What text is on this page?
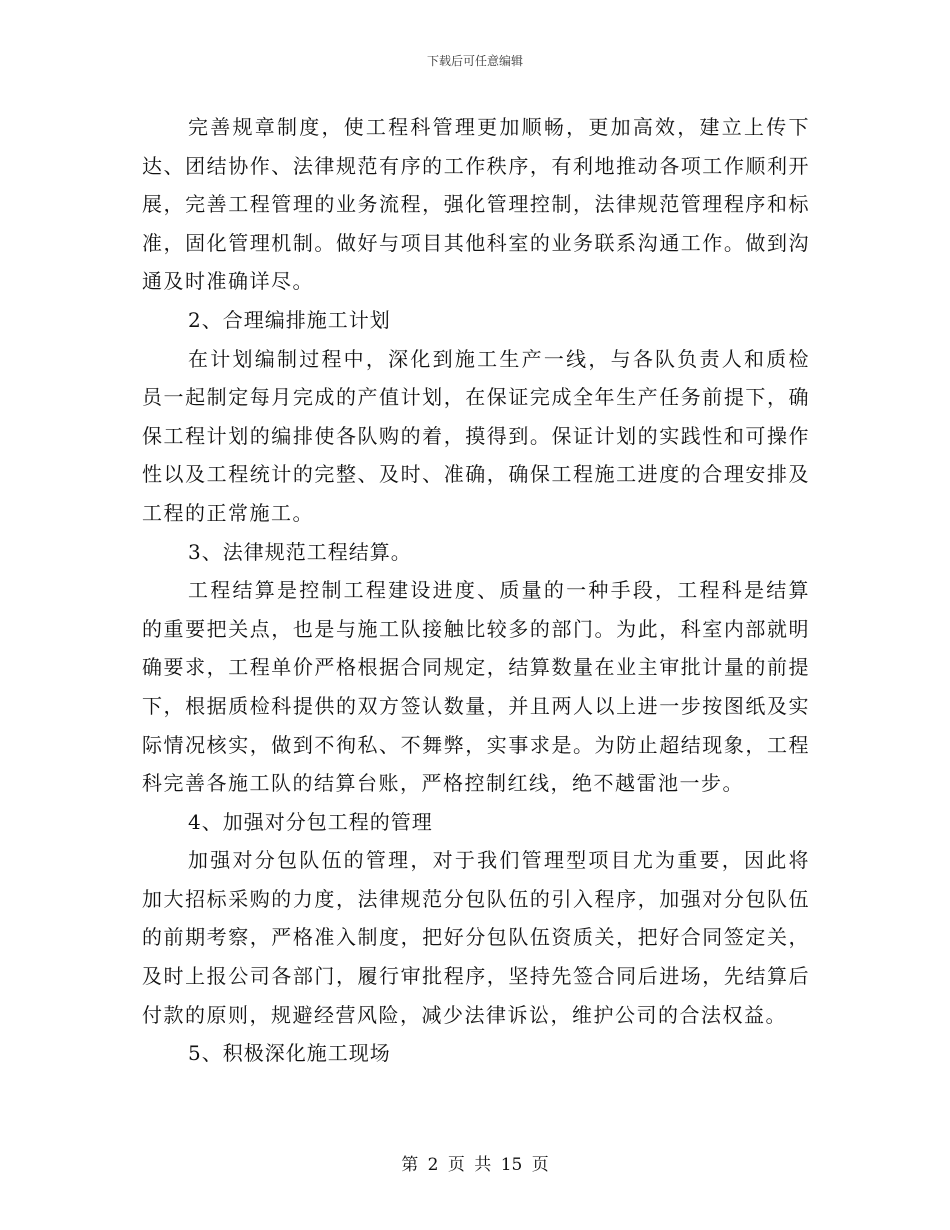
下载后可任意编辑

完善规章制度，使工程科管理更加顺畅，更加高效，建立上传下达、团结协作、法律规范有序的工作秩序，有利地推动各项工作顺利开展，完善工程管理的业务流程，强化管理控制，法律规范管理程序和标准，固化管理机制。做好与项目其他科室的业务联系沟通工作。做到沟通及时准确详尽。

2、合理编排施工计划

在计划编制过程中，深化到施工生产一线，与各队负责人和质检员一起制定每月完成的产值计划，在保证完成全年生产任务前提下，确保工程计划的编排使各队购的着，摸得到。保证计划的实践性和可操作性以及工程统计的完整、及时、准确，确保工程施工进度的合理安排及工程的正常施工。

3、法律规范工程结算。

工程结算是控制工程建设进度、质量的一种手段，工程科是结算的重要把关点，也是与施工队接触比较多的部门。为此，科室内部就明确要求，工程单价严格根据合同规定，结算数量在业主审批计量的前提下，根据质检科提供的双方签认数量，并且两人以上进一步按图纸及实际情况核实，做到不徇私、不舞弊，实事求是。为防止超结现象，工程科完善各施工队的结算台账，严格控制红线，绝不越雷池一步。

4、加强对分包工程的管理

加强对分包队伍的管理，对于我们管理型项目尤为重要，因此将加大招标采购的力度，法律规范分包队伍的引入程序，加强对分包队伍的前期考察，严格准入制度，把好分包队伍资质关，把好合同签定关，及时上报公司各部门，履行审批程序，坚持先签合同后进场，先结算后付款的原则，规避经营风险，减少法律诉讼，维护公司的合法权益。

5、积极深化施工现场

第 2 页 共 15 页
